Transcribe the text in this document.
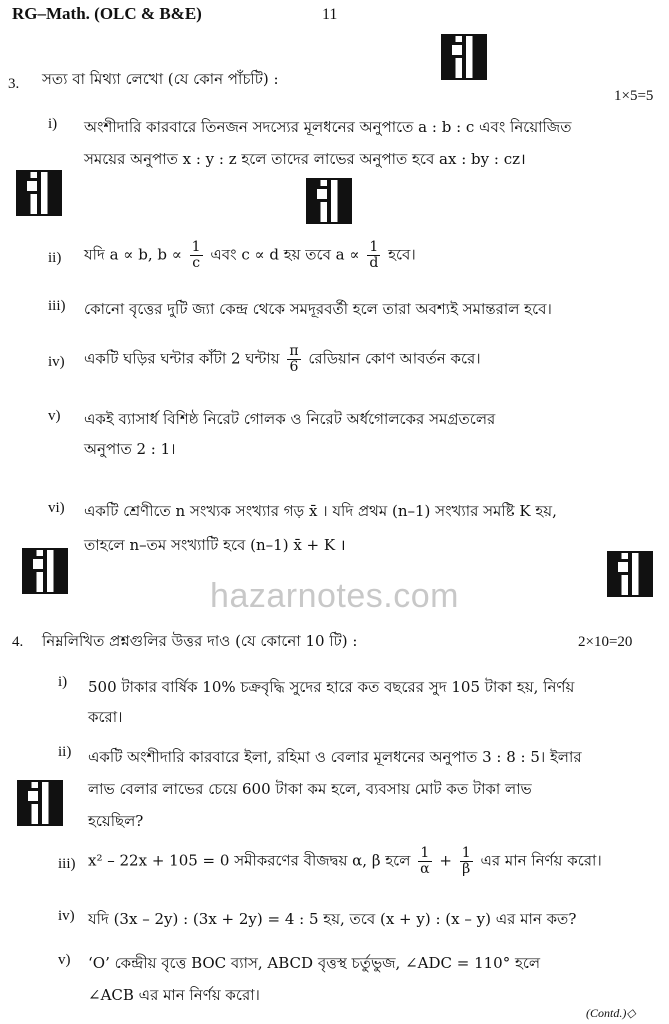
RG–Math. (OLC & B&E)	11
3. সত্য বা মিথ্যা লেখো (যে কোন পাঁচটি) :
1×5=5
i) অংশীদারি কারবারে তিনজন সদস্যের মূলধনের অনুপাতে a : b : c এবং নিয়োজিত
সময়ের অনুপাত x : y : z হলে তাদের লাভের অনুপাত হবে ax : by : cz।
ii) যদি a ∝ b, $b \propto \frac{1}{c}$ এবং c ∝ d হয় তবে $a \propto \frac{1}{d}$ হবে।
iii) কোনো বৃত্তের দুটি জ্যা কেন্দ্র থেকে সমদূরবর্তী হলে তারা অবশ্যই সমান্তরাল হবে।
iv) একটি ঘড়ির ঘন্টার কাঁটা 2 ঘন্টায় $\frac{\pi}{6}$ রেডিয়ান কোণ আবর্তন করে।
v) একই ব্যাসার্ধ বিশিষ্ঠ নিরেট গোলক ও নিরেট অর্ধগোলকের সমগ্রতলের
অনুপাত 2 : 1।
vi) একটি শ্রেণীতে n সংখ্যক সংখ্যার গড় x̄ । যদি প্রথম (n–1) সংখ্যার সমষ্টি K হয়,
তাহলে n–তম সংখ্যাটি হবে (n–1) x̄ + K ।
hazarnotes.com
4. নিম্নলিখিত প্রশ্নগুলির উত্তর দাও (যে কোনো 10 টি) :	2×10=20
i) 500 টাকার বার্ষিক 10% চক্রবৃদ্ধি সুদের হারে কত বছরের সুদ 105 টাকা হয়, নির্ণয়
করো।
ii) একটি অংশীদারি কারবারে ইলা, রহিমা ও বেলার মূলধনের অনুপাত 3 : 8 : 5। ইলার
লাভ বেলার লাভের চেয়ে 600 টাকা কম হলে, ব্যবসায় মোট কত টাকা লাভ
হয়েছিল?
iii) x² – 22x + 105 = 0 সমীকরণের বীজদ্বয় α, β হলে $\frac{1}{\alpha} + \frac{1}{\beta}$ এর মান নির্ণয় করো।
iv) যদি (3x – 2y) : (3x + 2y) = 4 : 5 হয়, তবে (x + y) : (x – y) এর মান কত?
v) ‘O’ কেন্দ্রীয় বৃত্তে BOC ব্যাস, ABCD বৃত্তস্থ চর্তুভুজ, ∠ADC = 110° হলে
∠ACB এর মান নির্ণয় করো।
(Contd.)◇
